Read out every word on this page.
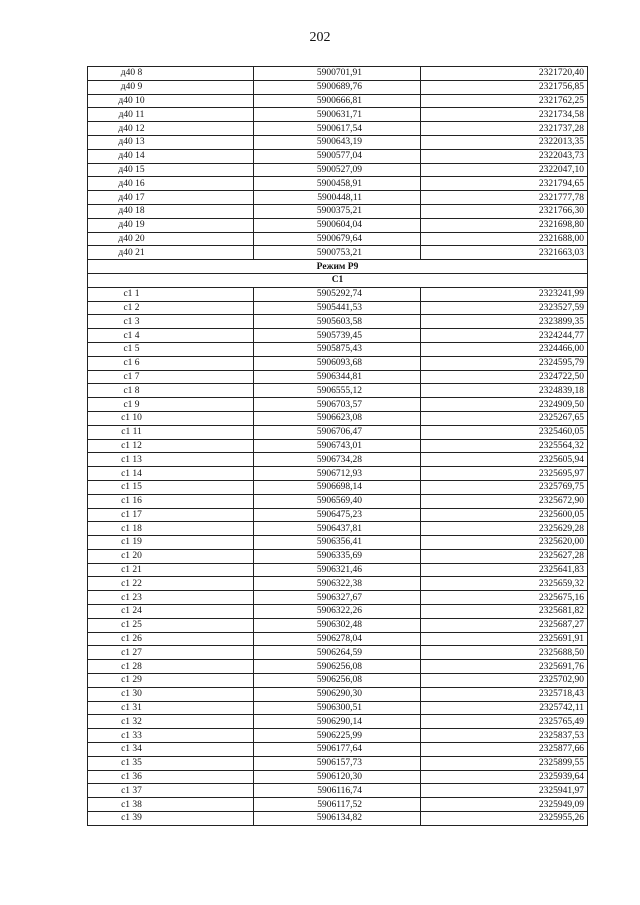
202
д40 8	5900701,91	2321720,40
д40 9	5900689,76	2321756,85
д40 10	5900666,81	2321762,25
д40 11	5900631,71	2321734,58
д40 12	5900617,54	2321737,28
д40 13	5900643,19	2322013,35
д40 14	5900577,04	2322043,73
д40 15	5900527,09	2322047,10
д40 16	5900458,91	2321794,65
д40 17	5900448,11	2321777,78
д40 18	5900375,21	2321766,30
д40 19	5900604,04	2321698,80
д40 20	5900679,64	2321688,00
д40 21	5900753,21	2321663,03
Режим Р9		
С1		
с1 1	5905292,74	2323241,99
с1 2	5905441,53	2323527,59
с1 3	5905603,58	2323899,35
с1 4	5905739,45	2324244,77
с1 5	5905875,43	2324466,00
с1 6	5906093,68	2324595,79
с1 7	5906344,81	2324722,50
с1 8	5906555,12	2324839,18
с1 9	5906703,57	2324909,50
с1 10	5906623,08	2325267,65
с1 11	5906706,47	2325460,05
с1 12	5906743,01	2325564,32
с1 13	5906734,28	2325605,94
с1 14	5906712,93	2325695,97
с1 15	5906698,14	2325769,75
с1 16	5906569,40	2325672,90
с1 17	5906475,23	2325600,05
с1 18	5906437,81	2325629,28
с1 19	5906356,41	2325620,00
с1 20	5906335,69	2325627,28
с1 21	5906321,46	2325641,83
с1 22	5906322,38	2325659,32
с1 23	5906327,67	2325675,16
с1 24	5906322,26	2325681,82
с1 25	5906302,48	2325687,27
с1 26	5906278,04	2325691,91
с1 27	5906264,59	2325688,50
с1 28	5906256,08	2325691,76
с1 29	5906256,08	2325702,90
с1 30	5906290,30	2325718,43
с1 31	5906300,51	2325742,11
с1 32	5906290,14	2325765,49
с1 33	5906225,99	2325837,53
с1 34	5906177,64	2325877,66
с1 35	5906157,73	2325899,55
с1 36	5906120,30	2325939,64
с1 37	5906116,74	2325941,97
с1 38	5906117,52	2325949,09
с1 39	5906134,82	2325955,26
